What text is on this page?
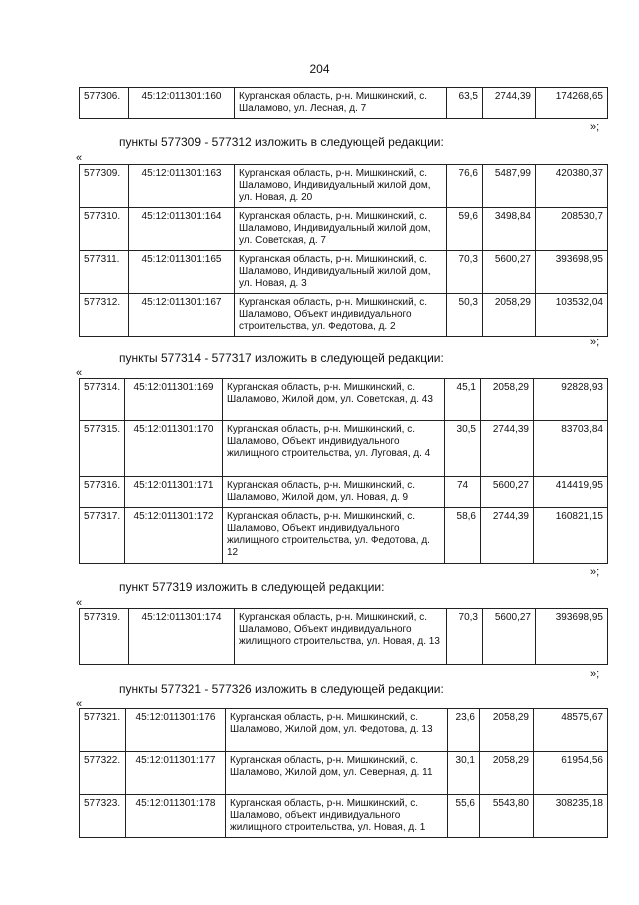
204
577306.	45:12:011301:160	Курганская область, р-н. Мишкинский, с. Шаламово, ул. Лесная, д. 7	63,5	2744,39	174268,65
»;
пункты 577309 - 577312 изложить в следующей редакции:
«
577309.	45:12:011301:163	Курганская область, р-н. Мишкинский, с. Шаламово, Индивидуальный жилой дом, ул. Новая, д. 20	76,6	5487,99	420380,37
577310.	45:12:011301:164	Курганская область, р-н. Мишкинский, с. Шаламово, Индивидуальный жилой дом, ул. Советская, д. 7	59,6	3498,84	208530,7
577311.	45:12:011301:165	Курганская область, р-н. Мишкинский, с. Шаламово, Индивидуальный жилой дом, ул. Новая, д. 3	70,3	5600,27	393698,95
577312.	45:12:011301:167	Курганская область, р-н. Мишкинский, с. Шаламово, Объект индивидуального строительства, ул. Федотова, д. 2	50,3	2058,29	103532,04
»;
пункты 577314 - 577317 изложить в следующей редакции:
«
577314.	45:12:011301:169	Курганская область, р-н. Мишкинский, с. Шаламово, Жилой дом, ул. Советская, д. 43	45,1	2058,29	92828,93
577315.	45:12:011301:170	Курганская область, р-н. Мишкинский, с. Шаламово, Объект индивидуального жилищного строительства, ул. Луговая, д. 4	30,5	2744,39	83703,84
577316.	45:12:011301:171	Курганская область, р-н. Мишкинский, с. Шаламово, Жилой дом, ул. Новая, д. 9	74	5600,27	414419,95
577317.	45:12:011301:172	Курганская область, р-н. Мишкинский, с. Шаламово, Объект индивидуального жилищного строительства, ул. Федотова, д. 12	58,6	2744,39	160821,15
»;
пункт 577319 изложить в следующей редакции:
«
577319.	45:12:011301:174	Курганская область, р-н. Мишкинский, с. Шаламово, Объект индивидуального жилищного строительства, ул. Новая, д. 13	70,3	5600,27	393698,95
»;
пункты 577321 - 577326 изложить в следующей редакции:
«
577321.	45:12:011301:176	Курганская область, р-н. Мишкинский, с. Шаламово, Жилой дом, ул. Федотова, д. 13	23,6	2058,29	48575,67
577322.	45:12:011301:177	Курганская область, р-н. Мишкинский, с. Шаламово, Жилой дом, ул. Северная, д. 11	30,1	2058,29	61954,56
577323.	45:12:011301:178	Курганская область, р-н. Мишкинский, с. Шаламово, объект индивидуального жилищного строительства, ул. Новая, д. 1	55,6	5543,80	308235,18
